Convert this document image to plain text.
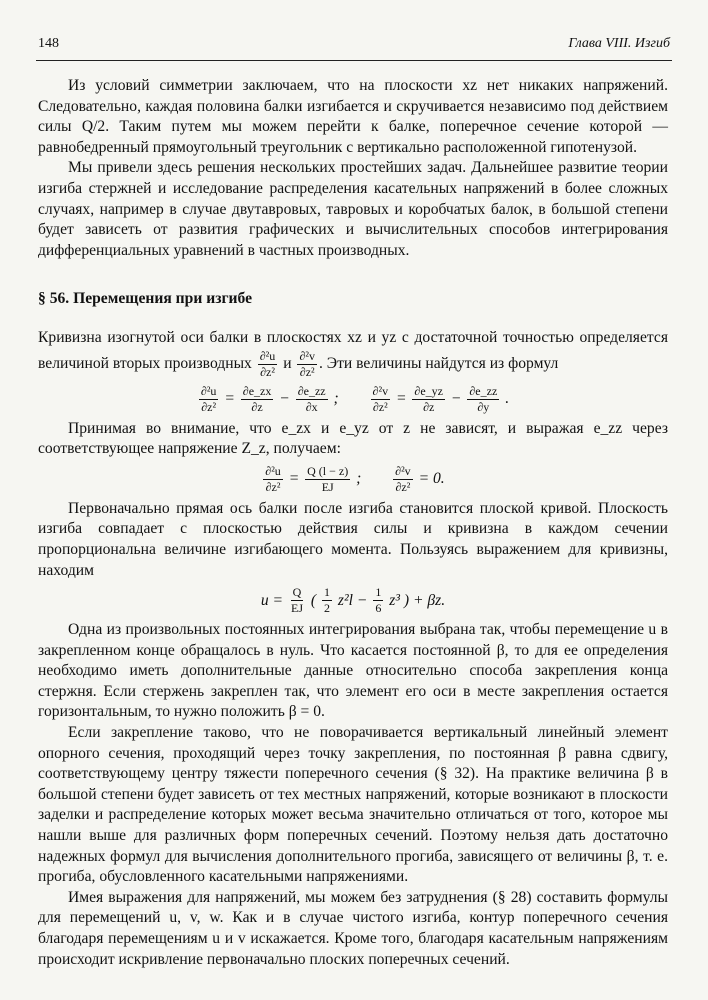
148	Глава VIII. Изгиб

Из условий симметрии заключаем, что на плоскости xz нет никаких напряжений. Следовательно, каждая половина балки изгибается и скручивается независимо под действием силы Q/2. Таким путем мы можем перейти к балке, поперечное сечение которой — равнобедренный прямоугольный треугольник с вертикально расположенной гипотенузой.

Мы привели здесь решения нескольких простейших задач. Дальнейшее развитие теории изгиба стержней и исследование распределения касательных напряжений в более сложных случаях, например в случае двутавровых, тавровых и коробчатых балок, в большой степени будет зависеть от развития графических и вычислительных способов интегрирования дифференциальных уравнений в частных производных.

§ 56. Перемещения при изгибе

Кривизна изогнутой оси балки в плоскостях xz и yz с достаточной точностью определяется величиной вторых производных $\frac{\text{∂²u}}{\text{∂z²}}$ и $\frac{\text{∂²v}}{\text{∂z²}}$ . Эти величины найдутся из формул

$\frac{\text{∂²u}}{\text{∂z²}} = \frac{\partial e\_zx}{\partial z} - \frac{\partial e\_zz}{\partial x}$ ;	$\frac{\text{∂²v}}{\text{∂z²}} = \frac{\partial e\_yz}{\partial z} - \frac{\partial e\_zz}{\partial y}$ .

Принимая во внимание, что e_zx и e_yz от z не зависят, и выражая e_zz через соответствующее напряжение Z_z, получаем:

$\frac{\text{∂²u}}{\text{∂z²}} = \frac{Q (l - z)}{EJ}$ ;	$\frac{\text{∂²v}}{\text{∂z²}} = 0$.

Первоначально прямая ось балки после изгиба становится плоской кривой. Плоскость изгиба совпадает с плоскостью действия силы и кривизна в каждом сечении пропорциональна величине изгибающего момента. Пользуясь выражением для кривизны, находим

$u = \frac{Q}{EJ}$ ( $\frac{1}{2} z^2l - \frac{1}{6} z^3$ ) + βz.

Одна из произвольных постоянных интегрирования выбрана так, чтобы перемещение u в закрепленном конце обращалось в нуль. Что касается постоянной β, то для ее определения необходимо иметь дополнительные данные относительно способа закрепления конца стержня. Если стержень закреплен так, что элемент его оси в месте закрепления остается горизонтальным, то нужно положить β = 0.

Если закрепление таково, что не поворачивается вертикальный линейный элемент опорного сечения, проходящий через точку закрепления, по постоянная β равна сдвигу, соответствующему центру тяжести поперечного сечения (§ 32). На практике величина β в большой степени будет зависеть от тех местных напряжений, которые возникают в плоскости заделки и распределение которых может весьма значительно отличаться от того, которое мы нашли выше для различных форм поперечных сечений. Поэтому нельзя дать достаточно надежных формул для вычисления дополнительного прогиба, зависящего от величины β, т. е. прогиба, обусловленного касательными напряжениями.

Имея выражения для напряжений, мы можем без затруднения (§ 28) составить формулы для перемещений u, v, w. Как и в случае чистого изгиба, контур поперечного сечения благодаря перемещениям u и v искажается. Кроме того, благодаря касательным напряжениям происходит искривление первоначально плоских поперечных сечений.
